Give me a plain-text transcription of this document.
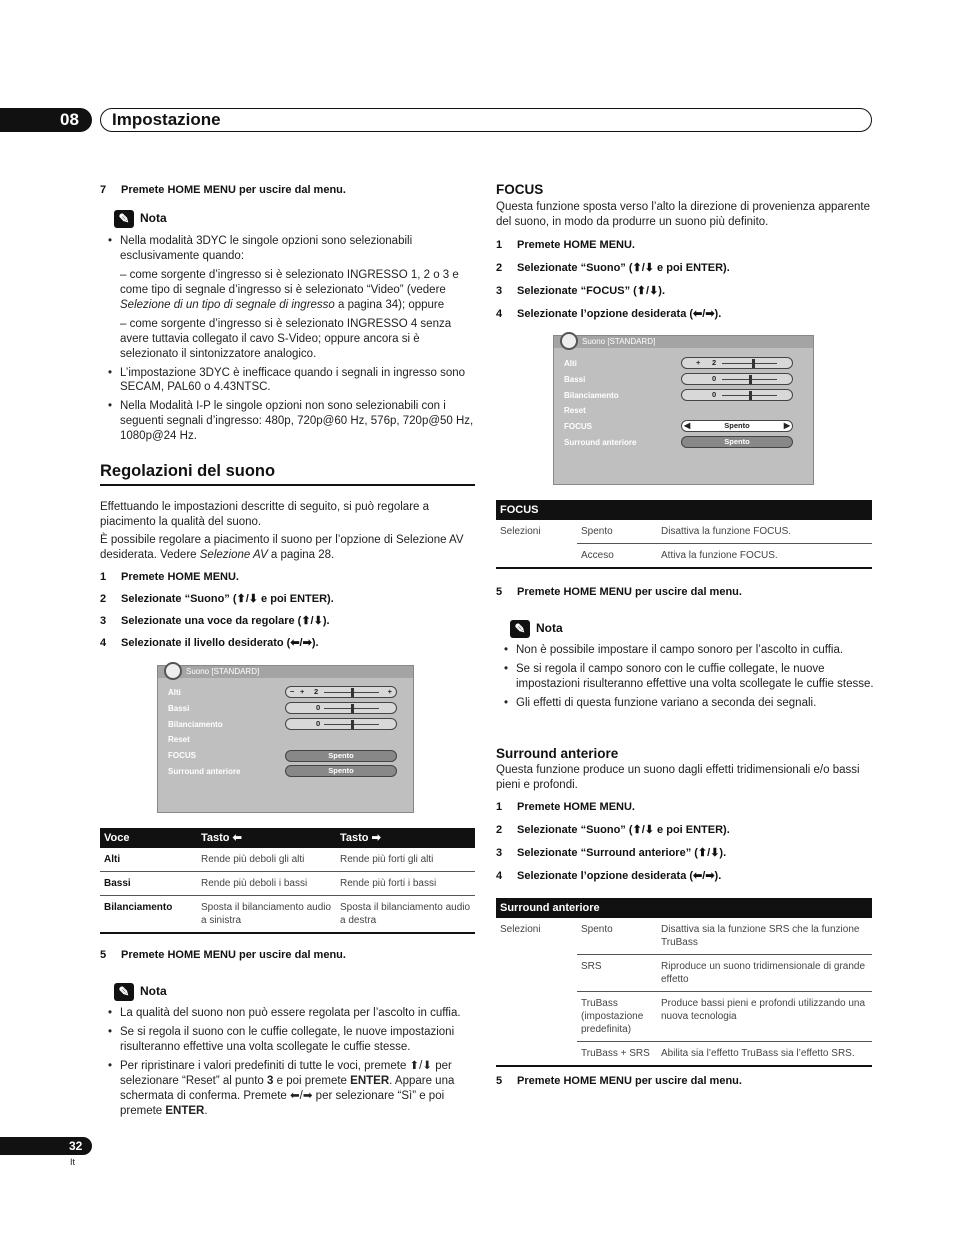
08	Impostazione
7 Premete HOME MENU per uscire dal menu.
✎ Nota
• Nella modalità 3DYC le singole opzioni sono selezionabili esclusivamente quando:
– come sorgente d’ingresso si è selezionato INGRESSO 1, 2 o 3 e come tipo di segnale d’ingresso si è selezionato “Video” (vedere Selezione di un tipo di segnale di ingresso a pagina 34); oppure
– come sorgente d’ingresso si è selezionato INGRESSO 4 senza avere tuttavia collegato il cavo S-Video; oppure ancora si è selezionato il sintonizzatore analogico.
• L’impostazione 3DYC è inefficace quando i segnali in ingresso sono SECAM, PAL60 o 4.43NTSC.
• Nella Modalità I-P le singole opzioni non sono selezionabili con i seguenti segnali d’ingresso: 480p, 720p@60 Hz, 576p, 720p@50 Hz, 1080p@24 Hz.
Regolazioni del suono
Effettuando le impostazioni descritte di seguito, si può regolare a piacimento la qualità del suono.
È possibile regolare a piacimento il suono per l’opzione di Selezione AV desiderata. Vedere Selezione AV a pagina 28.
1 Premete HOME MENU.
2 Selezionate “Suono” (⬆/⬇ e poi ENTER).
3 Selezionate una voce da regolare (⬆/⬇).
4 Selezionate il livello desiderato (⬅/➡).
Suono [STANDARD]
Alti
Bassi
Bilanciamento
Reset
FOCUS
Surround anteriore
− + 2	+
0
0
Spento
Spento
Voce	Tasto ⬅	Tasto ➡
Alti	Rende più deboli gli alti	Rende più forti gli alti
Bassi	Rende più deboli i bassi	Rende più forti i bassi
Bilanciamento	Sposta il bilanciamento audio a sinistra	Sposta il bilanciamento audio a destra
5 Premete HOME MENU per uscire dal menu.
✎ Nota
• La qualità del suono non può essere regolata per l’ascolto in cuffia.
• Se si regola il suono con le cuffie collegate, le nuove impostazioni risulteranno effettive una volta scollegate le cuffie stesse.
• Per ripristinare i valori predefiniti di tutte le voci, premete ⬆/⬇ per selezionare “Reset” al punto 3 e poi premete ENTER. Appare una schermata di conferma. Premete ⬅/➡ per selezionare “Sì” e poi premete ENTER.
FOCUS
Questa funzione sposta verso l’alto la direzione di provenienza apparente del suono, in modo da produrre un suono più definito.
1 Premete HOME MENU.
2 Selezionate “Suono” (⬆/⬇ e poi ENTER).
3 Selezionate “FOCUS” (⬆/⬇).
4 Selezionate l’opzione desiderata (⬅/➡).
Suono [STANDARD]
Alti
Bassi
Bilanciamento
Reset
FOCUS
Surround anteriore
+ 2
0
0
◀	Spento	▶
Spento
FOCUS		
Selezioni	Spento	Disattiva la funzione FOCUS.
	Acceso	Attiva la funzione FOCUS.
5 Premete HOME MENU per uscire dal menu.
✎ Nota
• Non è possibile impostare il campo sonoro per l’ascolto in cuffia.
• Se si regola il campo sonoro con le cuffie collegate, le nuove impostazioni risulteranno effettive una volta scollegate le cuffie stesse.
• Gli effetti di questa funzione variano a seconda dei segnali.
Surround anteriore
Questa funzione produce un suono dagli effetti tridimensionali e/o bassi pieni e profondi.
1 Premete HOME MENU.
2 Selezionate “Suono” (⬆/⬇ e poi ENTER).
3 Selezionate “Surround anteriore” (⬆/⬇).
4 Selezionate l’opzione desiderata (⬅/➡).
Surround anteriore		
Selezioni	Spento	Disattiva sia la funzione SRS che la funzione TruBass
	SRS	Riproduce un suono tridimensionale di grande effetto
	TruBass (impostazione predefinita)	Produce bassi pieni e profondi utilizzando una nuova tecnologia
	TruBass + SRS	Abilita sia l’effetto TruBass sia l’effetto SRS.
5 Premete HOME MENU per uscire dal menu.
32
It
